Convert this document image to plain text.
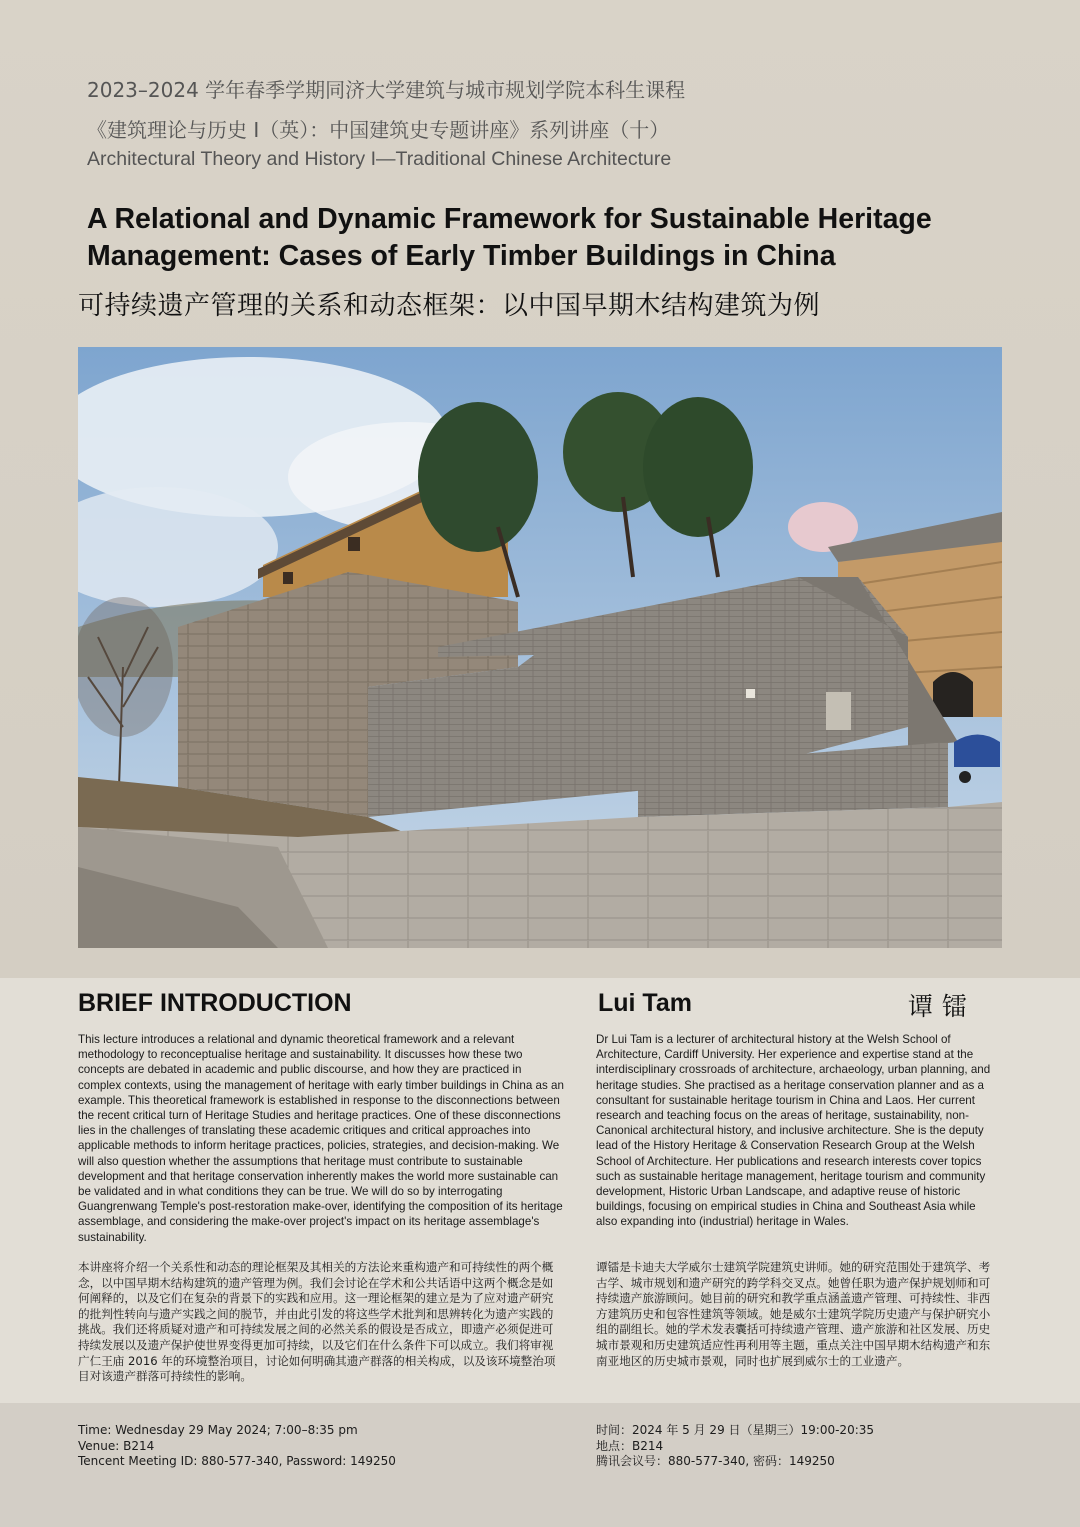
2023–2024 学年春季学期同济大学建筑与城市规划学院本科生课程
《建筑理论与历史 I（英）：中国建筑史专题讲座》系列讲座（十）
Architectural Theory and History I—Traditional Chinese Architecture
A Relational and Dynamic Framework for Sustainable Heritage
Management: Cases of Early Timber Buildings in China
可持续遗产管理的关系和动态框架：以中国早期木结构建筑为例
BRIEF INTRODUCTION	Lui Tam	谭镭

This lecture introduces a relational and dynamic theoretical framework and a relevant methodology to reconceptualise heritage and sustainability. It discusses how these two concepts are debated in academic and public discourse, and how they are practiced in complex contexts, using the management of heritage with early timber buildings in China as an example. This theoretical framework is established in response to the disconnections between the recent critical turn of Heritage Studies and heritage practices. One of these disconnections lies in the challenges of translating these academic critiques and critical approaches into applicable methods to inform heritage practices, policies, strategies, and decision-making. We will also question whether the assumptions that heritage must contribute to sustainable development and that heritage conservation inherently makes the world more sustainable can be validated and in what conditions they can be true. We will do so by interrogating Guangrenwang Temple's post-restoration make-over, identifying the composition of its heritage assemblage, and considering the make-over project's impact on its heritage assemblage's sustainability.

本讲座将介绍一个关系性和动态的理论框架及其相关的方法论来重构遗产和可持续性的两个概念，以中国早期木结构建筑的遗产管理为例。我们会讨论在学术和公共话语中这两个概念是如何阐释的，以及它们在复杂的背景下的实践和应用。这一理论框架的建立是为了应对遗产研究的批判性转向与遗产实践之间的脱节，并由此引发的将这些学术批判和思辨转化为遗产实践的挑战。我们还将质疑对遗产和可持续发展之间的必然关系的假设是否成立，即遗产必须促进可持续发展以及遗产保护使世界变得更加可持续，以及它们在什么条件下可以成立。我们将审视广仁王庙 2016 年的环境整治项目，讨论如何明确其遗产群落的相关构成，以及该环境整治项目对该遗产群落可持续性的影响。

Dr Lui Tam is a lecturer of architectural history at the Welsh School of Architecture, Cardiff University. Her experience and expertise stand at the interdisciplinary crossroads of architecture, archaeology, urban planning, and heritage studies. She practised as a heritage conservation planner and as a consultant for sustainable heritage tourism in China and Laos. Her current research and teaching focus on the areas of heritage, sustainability, non-Canonical architectural history, and inclusive architecture. She is the deputy lead of the History Heritage & Conservation Research Group at the Welsh School of Architecture. Her publications and research interests cover topics such as sustainable heritage management, heritage tourism and community development, Historic Urban Landscape, and adaptive reuse of historic buildings, focusing on empirical studies in China and Southeast Asia while also expanding into (industrial) heritage in Wales.

谭镭是卡迪夫大学威尔士建筑学院建筑史讲师。她的研究范围处于建筑学、考古学、城市规划和遗产研究的跨学科交叉点。她曾任职为遗产保护规划师和可持续遗产旅游顾问。她目前的研究和教学重点涵盖遗产管理、可持续性、非西方建筑历史和包容性建筑等领域。她是威尔士建筑学院历史遗产与保护研究小组的副组长。她的学术发表囊括可持续遗产管理、遗产旅游和社区发展、历史城市景观和历史建筑适应性再利用等主题，重点关注中国早期木结构遗产和东南亚地区的历史城市景观，同时也扩展到威尔士的工业遗产。

Time: Wednesday 29 May 2024; 7:00–8:35 pm
Venue: B214
Tencent Meeting ID: 880-577-340, Password: 149250
时间：2024 年 5 月 29 日（星期三）19:00-20:35
地点：B214
腾讯会议号：880-577-340, 密码：149250
